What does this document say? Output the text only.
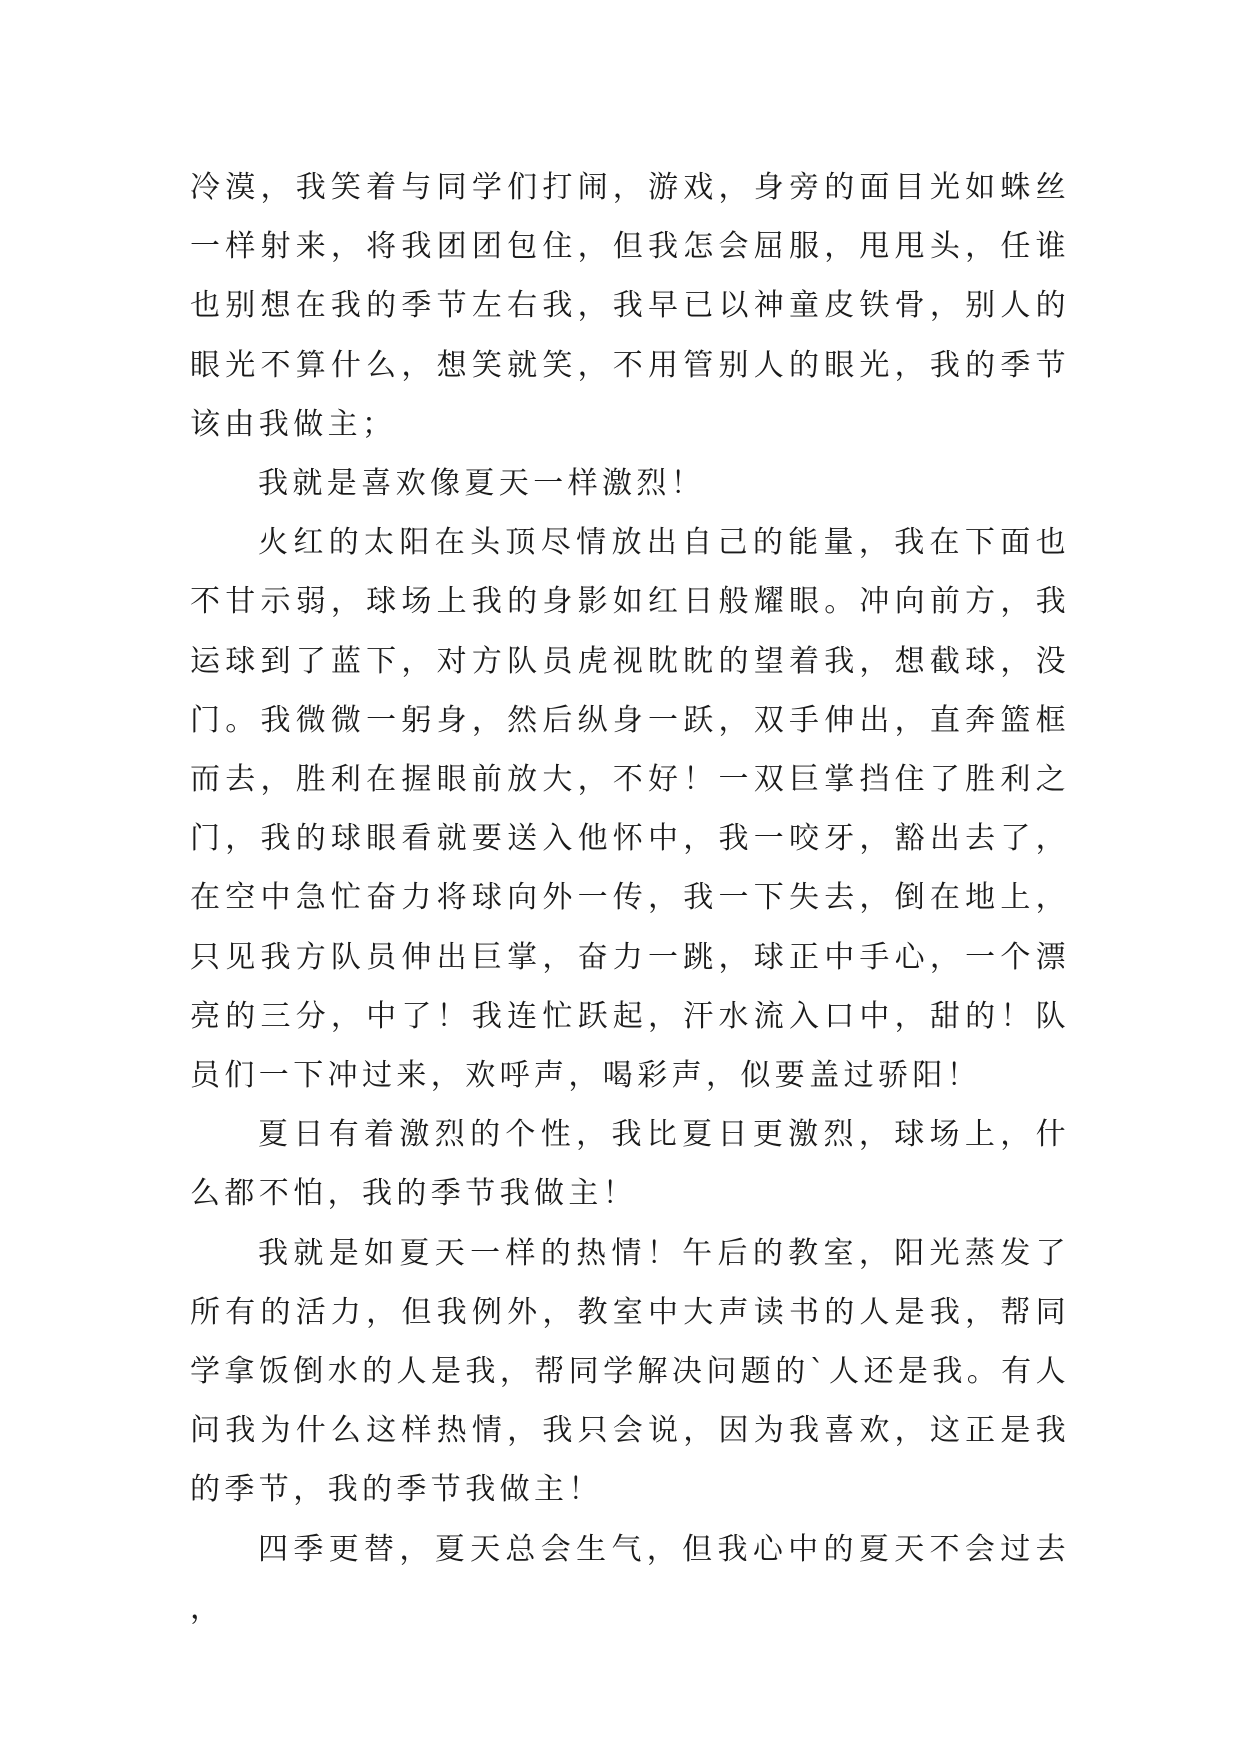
冷漠，我笑着与同学们打闹，游戏，身旁的面目光如蛛丝一样射来，将我团团包住，但我怎会屈服，甩甩头，任谁也别想在我的季节左右我，我早已以神童皮铁骨，别人的眼光不算什么，想笑就笑，不用管别人的眼光，我的季节该由我做主；

我就是喜欢像夏天一样激烈！

火红的太阳在头顶尽情放出自己的能量，我在下面也不甘示弱，球场上我的身影如红日般耀眼。冲向前方，我运球到了蓝下，对方队员虎视眈眈的望着我，想截球，没门。我微微一躬身，然后纵身一跃，双手伸出，直奔篮框而去，胜利在握眼前放大，不好！一双巨掌挡住了胜利之门，我的球眼看就要送入他怀中，我一咬牙，豁出去了，在空中急忙奋力将球向外一传，我一下失去，倒在地上，只见我方队员伸出巨掌，奋力一跳，球正中手心，一个漂亮的三分，中了！我连忙跃起，汗水流入口中，甜的！队员们一下冲过来，欢呼声，喝彩声，似要盖过骄阳！

夏日有着激烈的个性，我比夏日更激烈，球场上，什么都不怕，我的季节我做主！

我就是如夏天一样的热情！午后的教室，阳光蒸发了所有的活力，但我例外，教室中大声读书的人是我，帮同学拿饭倒水的人是我，帮同学解决问题的`人还是我。有人问我为什么这样热情，我只会说，因为我喜欢，这正是我的季节，我的季节我做主！

四季更替，夏天总会生气，但我心中的夏天不会过去，
